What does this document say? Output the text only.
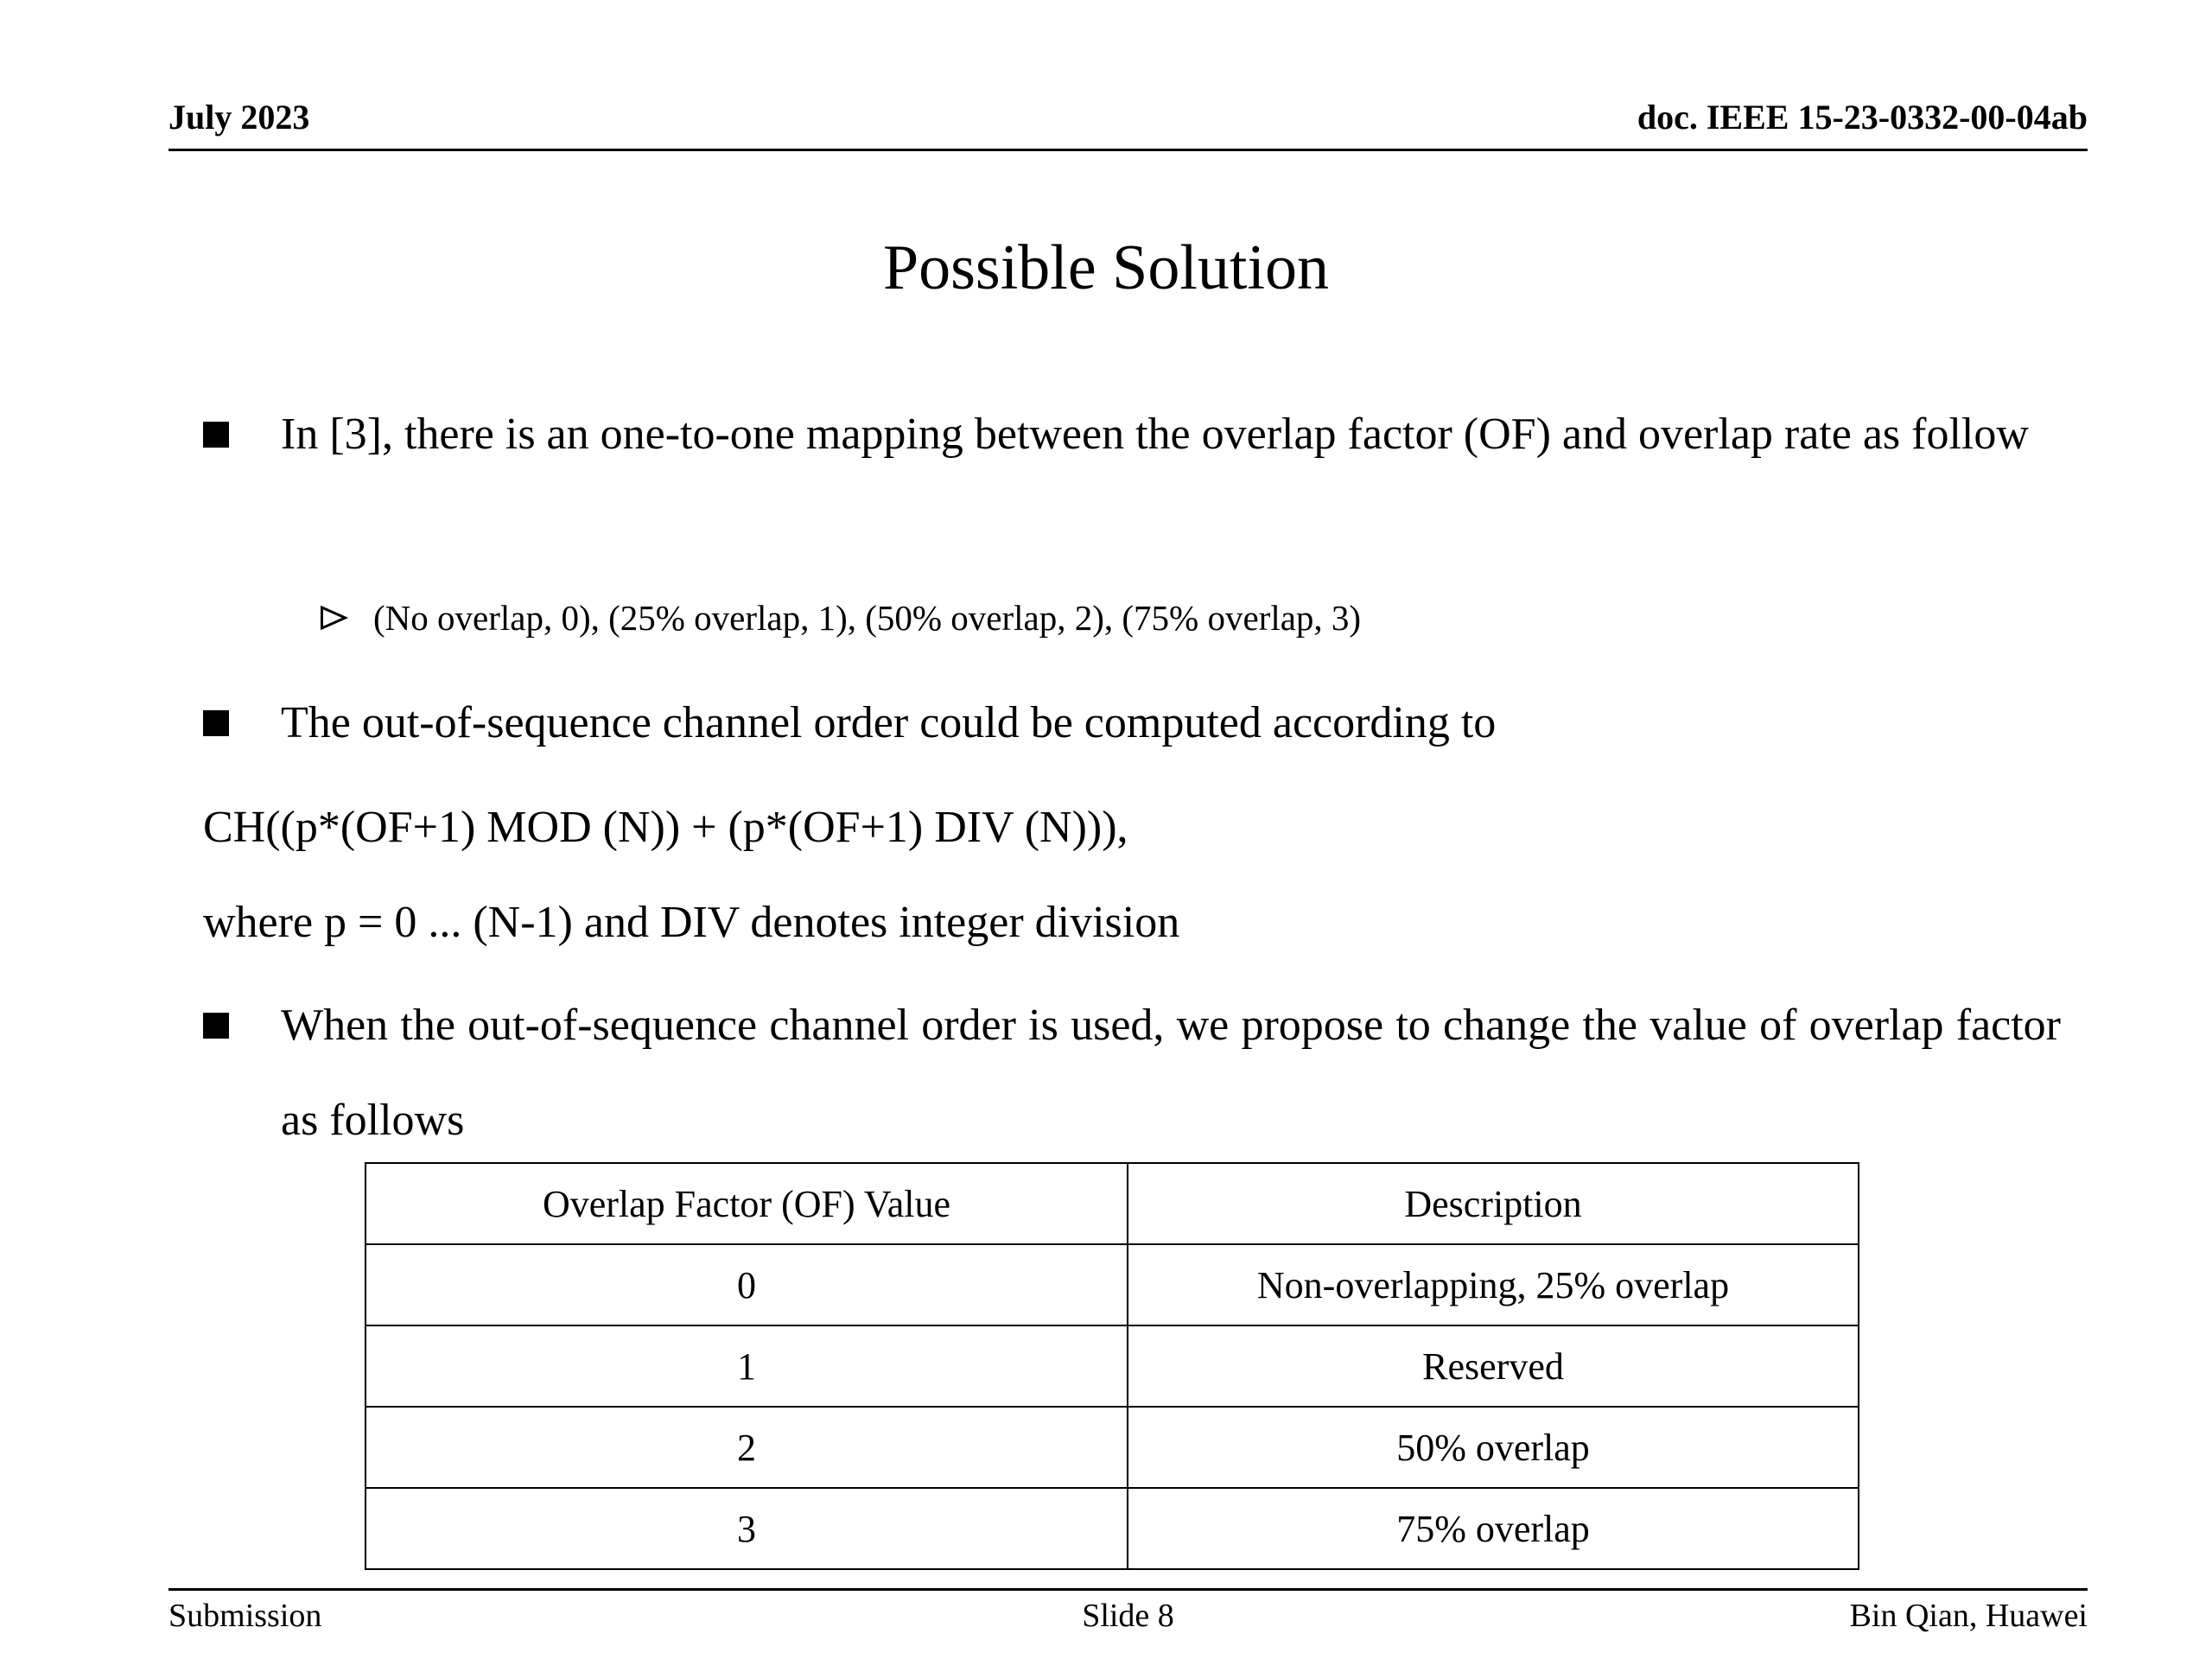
July 2023	doc. IEEE 15-23-0332-00-04ab
Possible Solution

In [3], there is an one-to-one mapping between the overlap factor (OF) and overlap rate as follow

(No overlap, 0), (25% overlap, 1), (50% overlap, 2), (75% overlap, 3)

The out-of-sequence channel order could be computed according to

CH((p*(OF+1) MOD (N)) + (p*(OF+1) DIV (N))),

where p = 0 ... (N-1) and DIV denotes integer division

When the out-of-sequence channel order is used, we propose to change the value of overlap factor as follows

Overlap Factor (OF) Value	Description
0	Non-overlapping, 25% overlap
1	Reserved
2	50% overlap
3	75% overlap
Submission	Slide 8	Bin Qian, Huawei
